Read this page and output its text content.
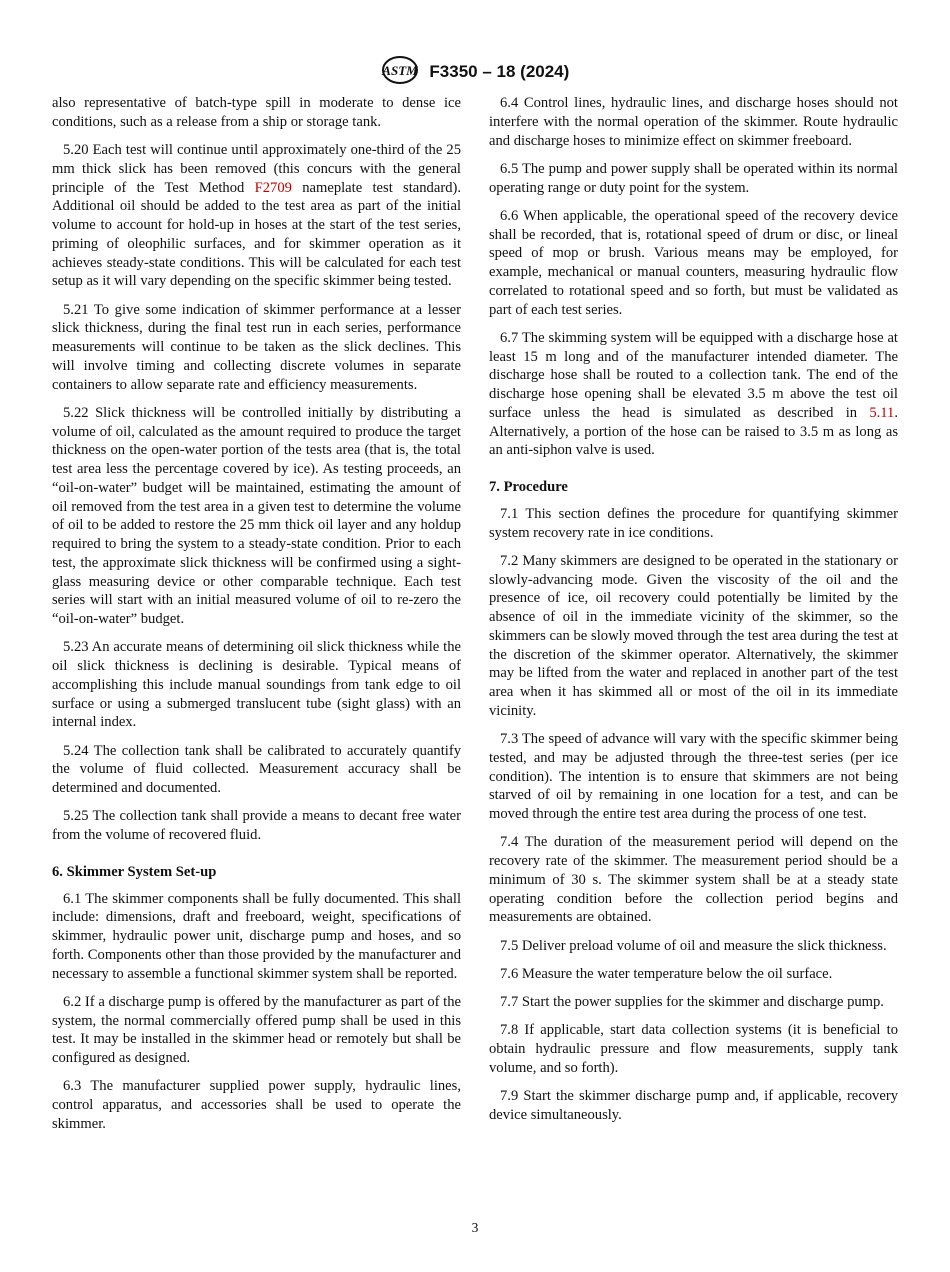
ASTM F3350 – 18 (2024)

also representative of batch-type spill in moderate to dense ice conditions, such as a release from a ship or storage tank.

5.20 Each test will continue until approximately one-third of the 25 mm thick slick has been removed (this concurs with the general principle of the Test Method F2709 nameplate test standard). Additional oil should be added to the test area as part of the initial volume to account for hold-up in hoses at the start of the test series, priming of oleophilic surfaces, and for skimmer operation as it achieves steady-state conditions. This will be calculated for each test setup as it will vary depending on the specific skimmer being tested.

5.21 To give some indication of skimmer performance at a lesser slick thickness, during the final test run in each series, performance measurements will continue to be taken as the slick declines. This will involve timing and collecting discrete volumes in separate containers to allow separate rate and efficiency measurements.

5.22 Slick thickness will be controlled initially by distributing a volume of oil, calculated as the amount required to produce the target thickness on the open-water portion of the tests area (that is, the total test area less the percentage covered by ice). As testing proceeds, an “oil-on-water” budget will be maintained, estimating the amount of oil removed from the test area in a given test to determine the volume of oil to be added to restore the 25 mm thick oil layer and any holdup required to bring the system to a steady-state condition. Prior to each test, the approximate slick thickness will be confirmed using a sight-glass measuring device or other comparable technique. Each test series will start with an initial measured volume of oil to re-zero the “oil-on-water” budget.

5.23 An accurate means of determining oil slick thickness while the oil slick thickness is declining is desirable. Typical means of accomplishing this include manual soundings from tank edge to oil surface or using a submerged translucent tube (sight glass) with an internal index.

5.24 The collection tank shall be calibrated to accurately quantify the volume of fluid collected. Measurement accuracy shall be determined and documented.

5.25 The collection tank shall provide a means to decant free water from the volume of recovered fluid.

6. Skimmer System Set-up

6.1 The skimmer components shall be fully documented. This shall include: dimensions, draft and freeboard, weight, specifications of skimmer, hydraulic power unit, discharge pump and hoses, and so forth. Components other than those provided by the manufacturer and necessary to assemble a functional skimmer system shall be reported.

6.2 If a discharge pump is offered by the manufacturer as part of the system, the normal commercially offered pump shall be used in this test. It may be installed in the skimmer head or remotely but shall be configured as designed.

6.3 The manufacturer supplied power supply, hydraulic lines, control apparatus, and accessories shall be used to operate the skimmer.

6.4 Control lines, hydraulic lines, and discharge hoses should not interfere with the normal operation of the skimmer. Route hydraulic and discharge hoses to minimize effect on skimmer freeboard.

6.5 The pump and power supply shall be operated within its normal operating range or duty point for the system.

6.6 When applicable, the operational speed of the recovery device shall be recorded, that is, rotational speed of drum or disc, or lineal speed of mop or brush. Various means may be employed, for example, mechanical or manual counters, measuring hydraulic flow correlated to rotational speed and so forth, but must be validated as part of each test series.

6.7 The skimming system will be equipped with a discharge hose at least 15 m long and of the manufacturer intended diameter. The discharge hose shall be routed to a collection tank. The end of the discharge hose opening shall be elevated 3.5 m above the test oil surface unless the head is simulated as described in 5.11. Alternatively, a portion of the hose can be raised to 3.5 m as long as an anti-siphon valve is used.

7. Procedure

7.1 This section defines the procedure for quantifying skimmer system recovery rate in ice conditions.

7.2 Many skimmers are designed to be operated in the stationary or slowly-advancing mode. Given the viscosity of the oil and the presence of ice, oil recovery could potentially be limited by the absence of oil in the immediate vicinity of the skimmer, so the skimmers can be slowly moved through the test area during the test at the discretion of the skimmer operator. Alternatively, the skimmer may be lifted from the water and replaced in another part of the test area when it has skimmed all or most of the oil in its immediate vicinity.

7.3 The speed of advance will vary with the specific skimmer being tested, and may be adjusted through the three-test series (per ice condition). The intention is to ensure that skimmers are not being starved of oil by remaining in one location for a test, and can be moved through the entire test area during the process of one test.

7.4 The duration of the measurement period will depend on the recovery rate of the skimmer. The measurement period should be a minimum of 30 s. The skimmer system shall be at a steady state operating condition before the collection period begins and measurements are obtained.

7.5 Deliver preload volume of oil and measure the slick thickness.

7.6 Measure the water temperature below the oil surface.

7.7 Start the power supplies for the skimmer and discharge pump.

7.8 If applicable, start data collection systems (it is beneficial to obtain hydraulic pressure and flow measurements, supply tank volume, and so forth).

7.9 Start the skimmer discharge pump and, if applicable, recovery device simultaneously.

3
